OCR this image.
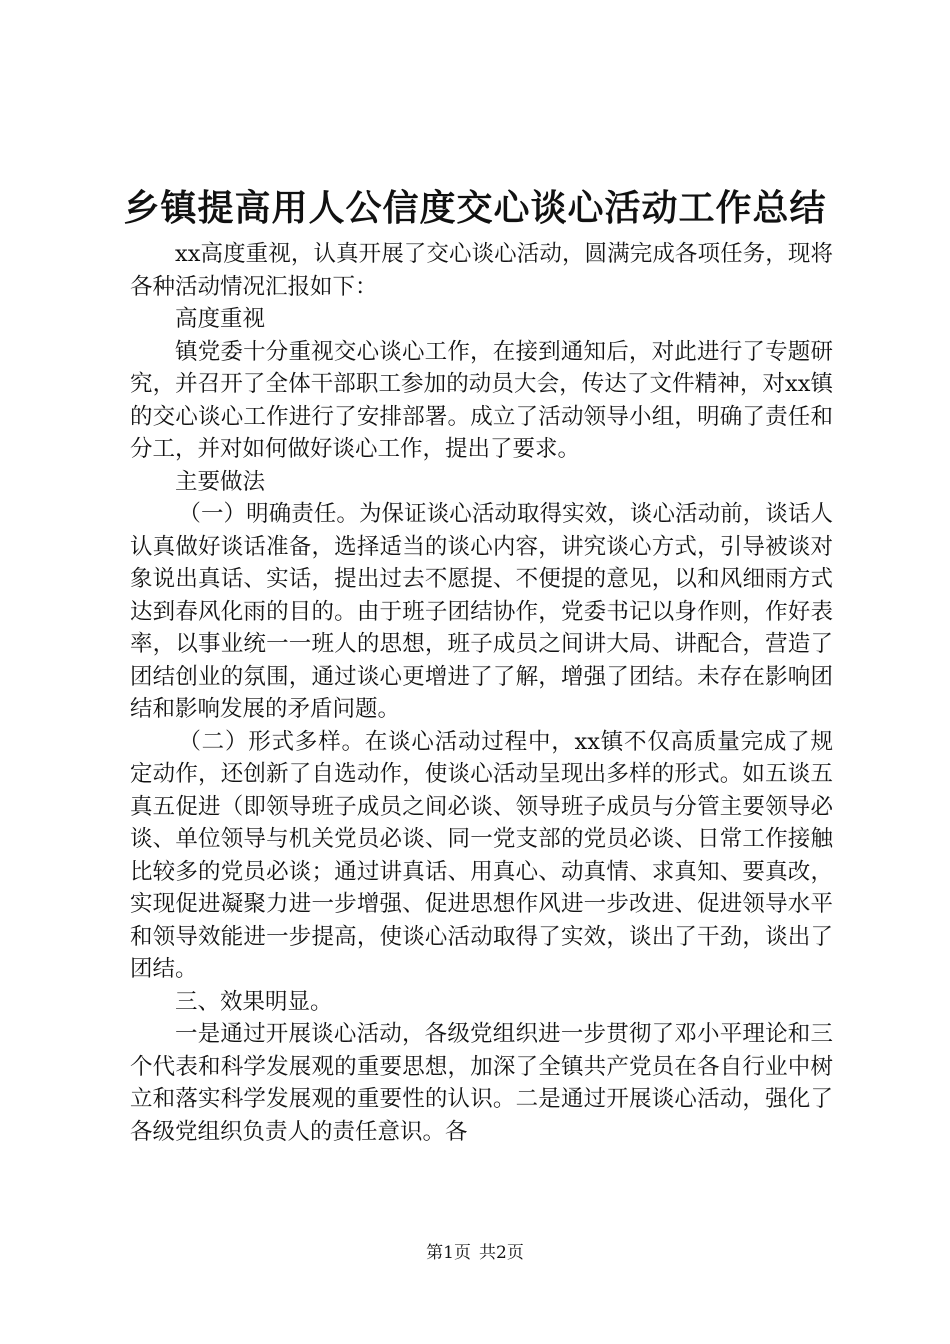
乡镇提高用人公信度交心谈心活动工作总结

xx高度重视，认真开展了交心谈心活动，圆满完成各项任务，现将各种活动情况汇报如下：

高度重视

镇党委十分重视交心谈心工作，在接到通知后，对此进行了专题研究，并召开了全体干部职工参加的动员大会，传达了文件精神，对xx镇的交心谈心工作进行了安排部署。成立了活动领导小组，明确了责任和分工，并对如何做好谈心工作，提出了要求。

主要做法

（一）明确责任。为保证谈心活动取得实效，谈心活动前，谈话人认真做好谈话准备，选择适当的谈心内容，讲究谈心方式，引导被谈对象说出真话、实话，提出过去不愿提、不便提的意见，以和风细雨方式达到春风化雨的目的。由于班子团结协作，党委书记以身作则，作好表率，以事业统一一班人的思想，班子成员之间讲大局、讲配合，营造了团结创业的氛围，通过谈心更增进了了解，增强了团结。未存在影响团结和影响发展的矛盾问题。

（二）形式多样。在谈心活动过程中，xx镇不仅高质量完成了规定动作，还创新了自选动作，使谈心活动呈现出多样的形式。如五谈五真五促进（即领导班子成员之间必谈、领导班子成员与分管主要领导必谈、单位领导与机关党员必谈、同一党支部的党员必谈、日常工作接触比较多的党员必谈；通过讲真话、用真心、动真情、求真知、要真改，实现促进凝聚力进一步增强、促进思想作风进一步改进、促进领导水平和领导效能进一步提高，使谈心活动取得了实效，谈出了干劲，谈出了团结。

三、效果明显。

一是通过开展谈心活动，各级党组织进一步贯彻了邓小平理论和三个代表和科学发展观的重要思想，加深了全镇共产党员在各自行业中树立和落实科学发展观的重要性的认识。二是通过开展谈心活动，强化了各级党组织负责人的责任意识。各

第1页 共2页
